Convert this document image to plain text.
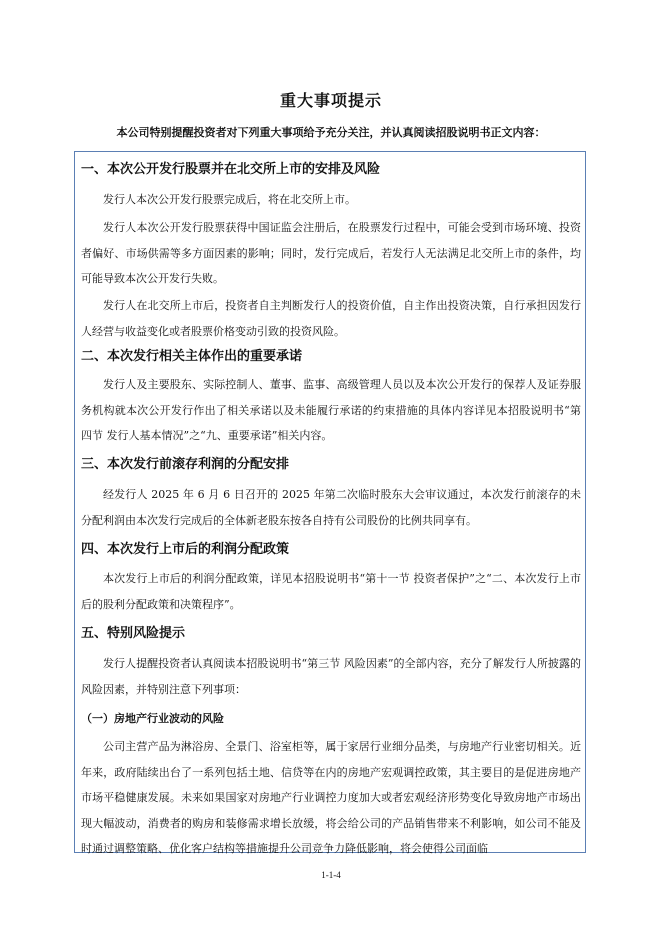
重大事项提示
本公司特别提醒投资者对下列重大事项给予充分关注，并认真阅读招股说明书正文内容：
一、本次公开发行股票并在北交所上市的安排及风险
发行人本次公开发行股票完成后，将在北交所上市。
发行人本次公开发行股票获得中国证监会注册后，在股票发行过程中，可能会受到市场环境、投资者偏好、市场供需等多方面因素的影响；同时，发行完成后，若发行人无法满足北交所上市的条件，均可能导致本次公开发行失败。
发行人在北交所上市后，投资者自主判断发行人的投资价值，自主作出投资决策，自行承担因发行人经营与收益变化或者股票价格变动引致的投资风险。
二、本次发行相关主体作出的重要承诺
发行人及主要股东、实际控制人、董事、监事、高级管理人员以及本次公开发行的保荐人及证券服务机构就本次公开发行作出了相关承诺以及未能履行承诺的约束措施的具体内容详见本招股说明书“第四节 发行人基本情况”之“九、重要承诺”相关内容。
三、本次发行前滚存利润的分配安排
经发行人 2025 年 6 月 6 日召开的 2025 年第二次临时股东大会审议通过，本次发行前滚存的未分配利润由本次发行完成后的全体新老股东按各自持有公司股份的比例共同享有。
四、本次发行上市后的利润分配政策
本次发行上市后的利润分配政策，详见本招股说明书“第十一节 投资者保护”之“二、本次发行上市后的股利分配政策和决策程序”。
五、特别风险提示
发行人提醒投资者认真阅读本招股说明书“第三节 风险因素”的全部内容，充分了解发行人所披露的风险因素，并特别注意下列事项：
（一）房地产行业波动的风险
公司主营产品为淋浴房、全景门、浴室柜等，属于家居行业细分品类，与房地产行业密切相关。近年来，政府陆续出台了一系列包括土地、信贷等在内的房地产宏观调控政策，其主要目的是促进房地产市场平稳健康发展。未来如果国家对房地产行业调控力度加大或者宏观经济形势变化导致房地产市场出现大幅波动，消费者的购房和装修需求增长放缓，将会给公司的产品销售带来不利影响，如公司不能及时通过调整策略、优化客户结构等措施提升公司竞争力降低影响，将会使得公司面临
1-1-4
